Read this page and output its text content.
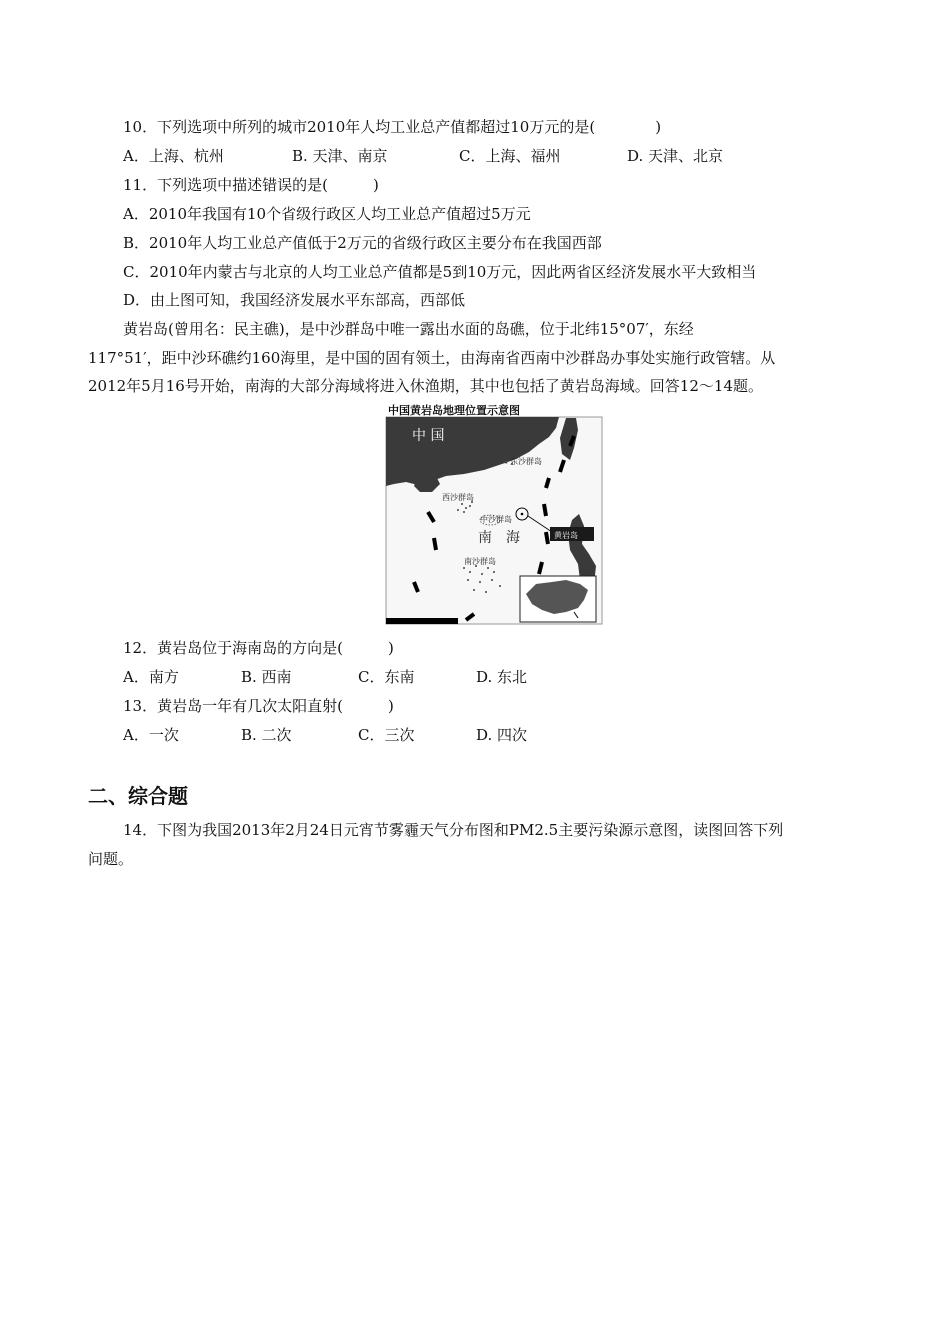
10．下列选项中所列的城市2010年人均工业总产值都超过10万元的是(　　　　)
A．上海、杭州	B. 天津、南京	C．上海、福州	D. 天津、北京
11．下列选项中描述错误的是(　　　)
A．2010年我国有10个省级行政区人均工业总产值超过5万元
B．2010年人均工业总产值低于2万元的省级行政区主要分布在我国西部
C．2010年内蒙古与北京的人均工业总产值都是5到10万元，因此两省区经济发展水平大致相当
D．由上图可知，我国经济发展水平东部高，西部低
黄岩岛(曾用名：民主礁)，是中沙群岛中唯一露出水面的岛礁，位于北纬15°07′，东经
117°51′，距中沙环礁约160海里，是中国的固有领土，由海南省西南中沙群岛办事处实施行政管辖。从
2012年5月16号开始，南海的大部分海域将进入休渔期，其中也包括了黄岩岛海域。回答12～14题。
中国黄岩岛地理位置示意图
中 国
东沙群岛
西沙群岛
中沙群岛
南　海	黄岩岛
南沙群岛
12．黄岩岛位于海南岛的方向是(　　　)
A．南方	B. 西南	C．东南	D. 东北
13．黄岩岛一年有几次太阳直射(　　　)
A．一次	B. 二次	C．三次	D. 四次
二、综合题
14．下图为我国2013年2月24日元宵节雾霾天气分布图和PM2.5主要污染源示意图，读图回答下列
问题。
